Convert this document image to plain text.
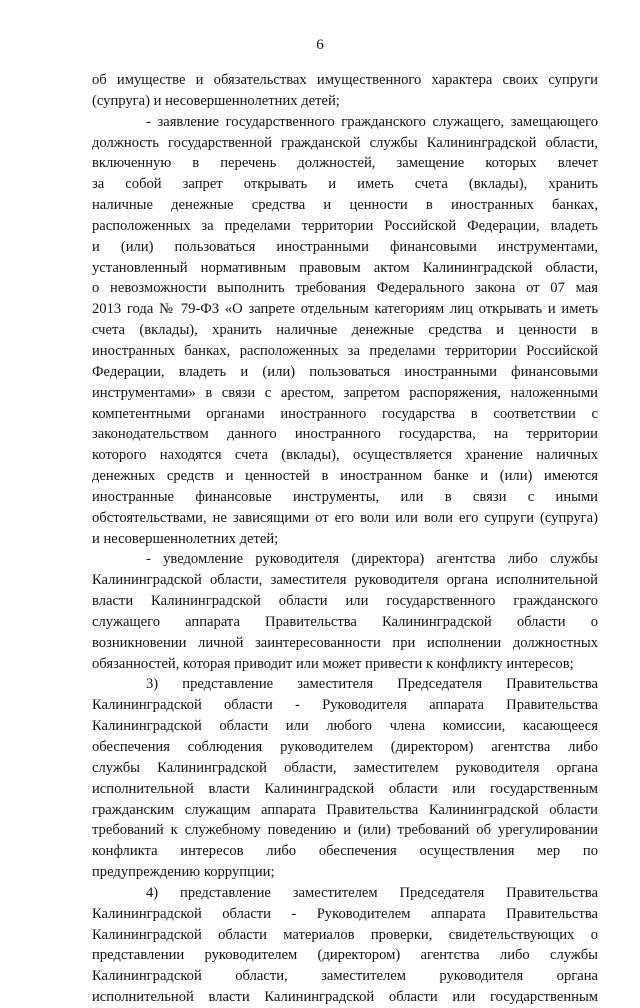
6
об имуществе и обязательствах имущественного характера своих супруги
(супруга) и несовершеннолетних детей;
- заявление государственного гражданского служащего, замещающего
должность государственной гражданской службы Калининградской области,
включенную в перечень должностей, замещение которых влечет
за собой запрет открывать и иметь счета (вклады), хранить
наличные денежные средства и ценности в иностранных банках,
расположенных за пределами территории Российской Федерации, владеть
и (или) пользоваться иностранными финансовыми инструментами,
установленный нормативным правовым актом Калининградской области,
о невозможности выполнить требования Федерального закона от 07 мая
2013 года № 79-ФЗ «О запрете отдельным категориям лиц открывать и иметь
счета (вклады), хранить наличные денежные средства и ценности в
иностранных банках, расположенных за пределами территории Российской
Федерации, владеть и (или) пользоваться иностранными финансовыми
инструментами» в связи с арестом, запретом распоряжения, наложенными
компетентными органами иностранного государства в соответствии с
законодательством данного иностранного государства, на территории
которого находятся счета (вклады), осуществляется хранение наличных
денежных средств и ценностей в иностранном банке и (или) имеются
иностранные финансовые инструменты, или в связи с иными
обстоятельствами, не зависящими от его воли или воли его супруги (супруга)
и несовершеннолетних детей;
- уведомление руководителя (директора) агентства либо службы
Калининградской области, заместителя руководителя органа исполнительной
власти Калининградской области или государственного гражданского
служащего аппарата Правительства Калининградской области о
возникновении личной заинтересованности при исполнении должностных
обязанностей, которая приводит или может привести к конфликту интересов;
3) представление заместителя Председателя Правительства
Калининградской области - Руководителя аппарата Правительства
Калининградской области или любого члена комиссии, касающееся
обеспечения соблюдения руководителем (директором) агентства либо
службы Калининградской области, заместителем руководителя органа
исполнительной власти Калининградской области или государственным
гражданским служащим аппарата Правительства Калининградской области
требований к служебному поведению и (или) требований об урегулировании
конфликта интересов либо обеспечения осуществления мер по
предупреждению коррупции;
4) представление заместителем Председателя Правительства
Калининградской области - Руководителем аппарата Правительства
Калининградской области материалов проверки, свидетельствующих о
представлении руководителем (директором) агентства либо службы
Калининградской области, заместителем руководителя органа
исполнительной власти Калининградской области или государственным
